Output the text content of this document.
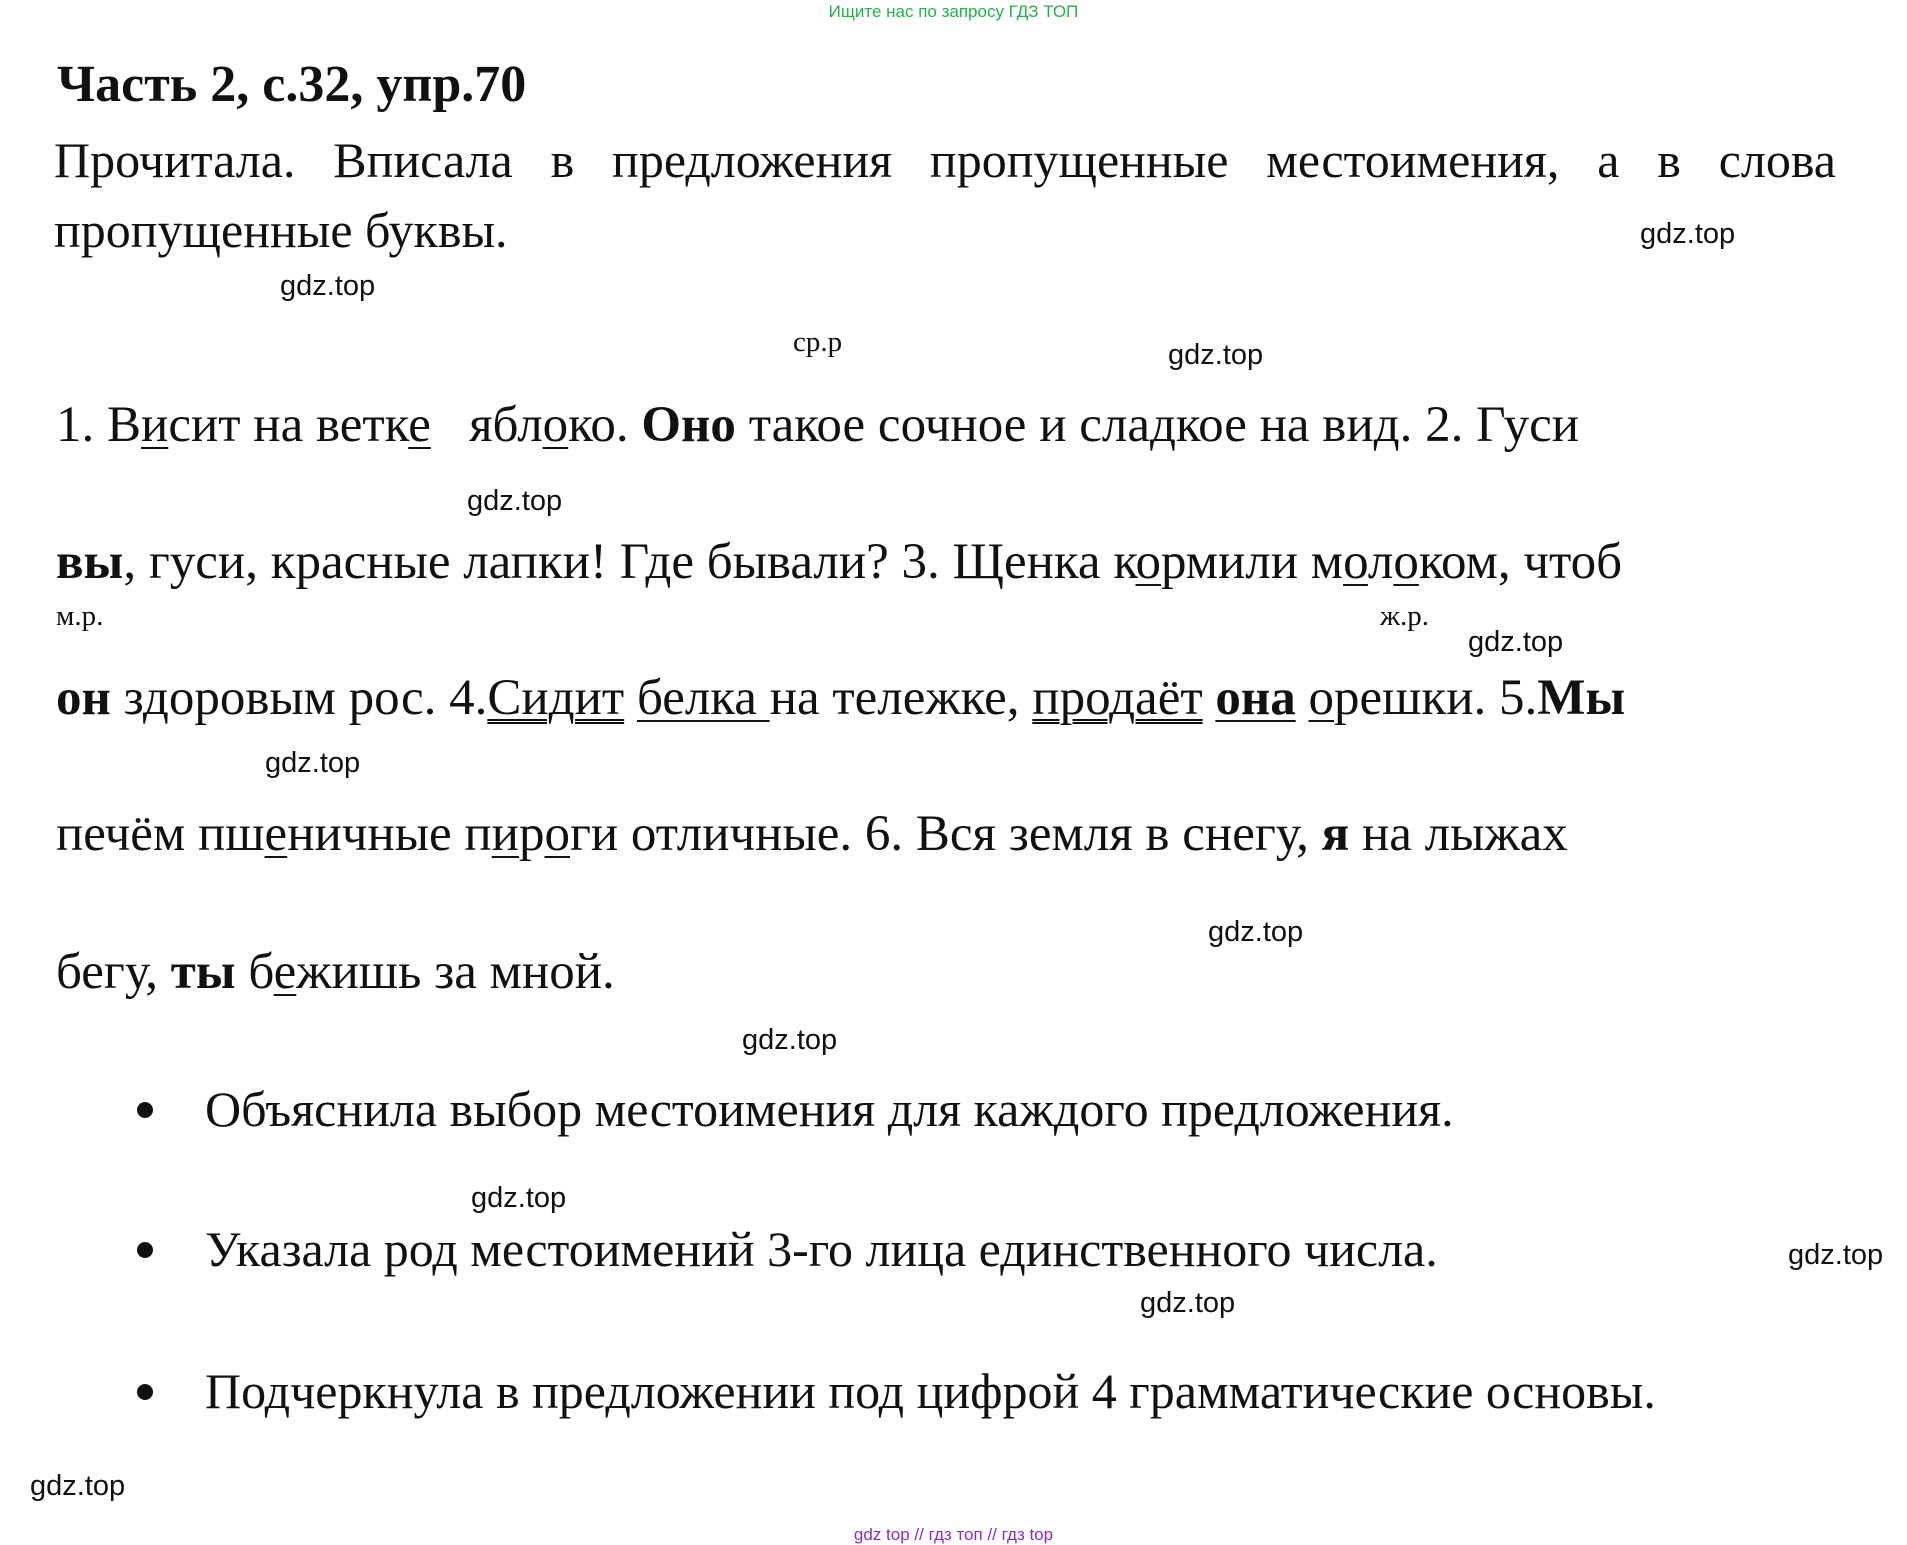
Ищите нас по запросу ГДЗ ТОП
Часть 2, с.32, упр.70
Прочитала. Вписала в предложения пропущенные местоимения, а в слова пропущенные буквы.	gdz.top
gdz.top
gdz.top
gdz.top
gdz.top
gdz.top
gdz.top
gdz.top
gdz.top
gdz.top
gdz.top
gdz.top
ср.р
м.р.	ж.р.
1. Висит на ветке   яблоко. Оно такое сочное и сладкое на вид. 2. Гуси
вы, гуси, красные лапки! Где бывали? 3. Щенка кормили молоком, чтоб
он здоровым рос. 4.Сидит белка на тележке, продаёт она орешки. 5.Мы
печём пшеничные пироги отличные. 6. Вся земля в снегу, я на лыжах
бегу, ты бежишь за мной.
Объяснила выбор местоимения для каждого предложения.
Указала род местоимений 3-го лица единственного числа.
Подчеркнула в предложении под цифрой 4 грамматические основы.
gdz top // гдз топ // гдз top
